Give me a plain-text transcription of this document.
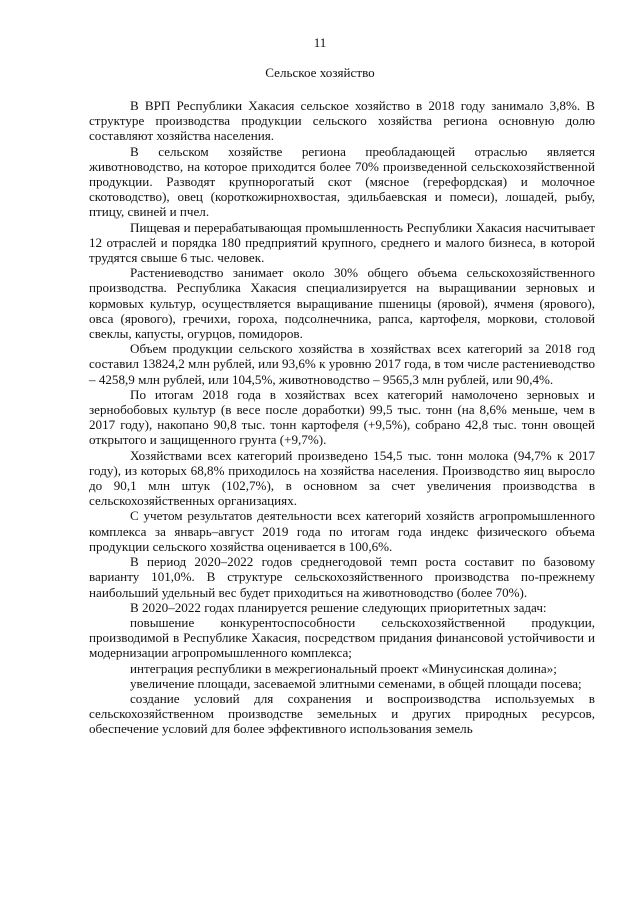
11
Сельское хозяйство

В ВРП Республики Хакасия сельское хозяйство в 2018 году занимало 3,8%. В структуре производства продукции сельского хозяйства региона основную долю составляют хозяйства населения.

В сельском хозяйстве региона преобладающей отраслью является животноводство, на которое приходится более 70% произведенной сельскохозяйственной продукции. Разводят крупнорогатый скот (мясное (герефордская) и молочное скотоводство), овец (короткожирнохвостая, эдильбаевская и помеси), лошадей, рыбу, птицу, свиней и пчел.

Пищевая и перерабатывающая промышленность Республики Хакасия насчитывает 12 отраслей и порядка 180 предприятий крупного, среднего и малого бизнеса, в которой трудятся свыше 6 тыс. человек.

Растениеводство занимает около 30% общего объема сельскохозяйственного производства. Республика Хакасия специализируется на выращивании зерновых и кормовых культур, осуществляется выращивание пшеницы (яровой), ячменя (ярового), овса (ярового), гречихи, гороха, подсолнечника, рапса, картофеля, моркови, столовой свеклы, капусты, огурцов, помидоров.

Объем продукции сельского хозяйства в хозяйствах всех категорий за 2018 год составил 13824,2 млн рублей, или 93,6% к уровню 2017 года, в том числе растениеводство – 4258,9 млн рублей, или 104,5%, животноводство – 9565,3 млн рублей, или 90,4%.

По итогам 2018 года в хозяйствах всех категорий намолочено зерновых и зернобобовых культур (в весе после доработки) 99,5 тыс. тонн (на 8,6% меньше, чем в 2017 году), накопано 90,8 тыс. тонн картофеля (+9,5%), собрано 42,8 тыс. тонн овощей открытого и защищенного грунта (+9,7%).

Хозяйствами всех категорий произведено 154,5 тыс. тонн молока (94,7% к 2017 году), из которых 68,8% приходилось на хозяйства населения. Производство яиц выросло до 90,1 млн штук (102,7%), в основном за счет увеличения производства в сельскохозяйственных организациях.

С учетом результатов деятельности всех категорий хозяйств агропромышленного комплекса за январь–август 2019 года по итогам года индекс физического объема продукции сельского хозяйства оценивается в 100,6%.

В период 2020–2022 годов среднегодовой темп роста составит по базовому варианту 101,0%. В структуре сельскохозяйственного производства по-прежнему наибольший удельный вес будет приходиться на животноводство (более 70%).

В 2020–2022 годах планируется решение следующих приоритетных задач:

повышение конкурентоспособности сельскохозяйственной продукции, производимой в Республике Хакасия, посредством придания финансовой устойчивости и модернизации агропромышленного комплекса;

интеграция республики в межрегиональный проект «Минусинская долина»;

увеличение площади, засеваемой элитными семенами, в общей площади посева;

создание условий для сохранения и воспроизводства используемых в сельскохозяйственном производстве земельных и других природных ресурсов, обеспечение условий для более эффективного использования земель
